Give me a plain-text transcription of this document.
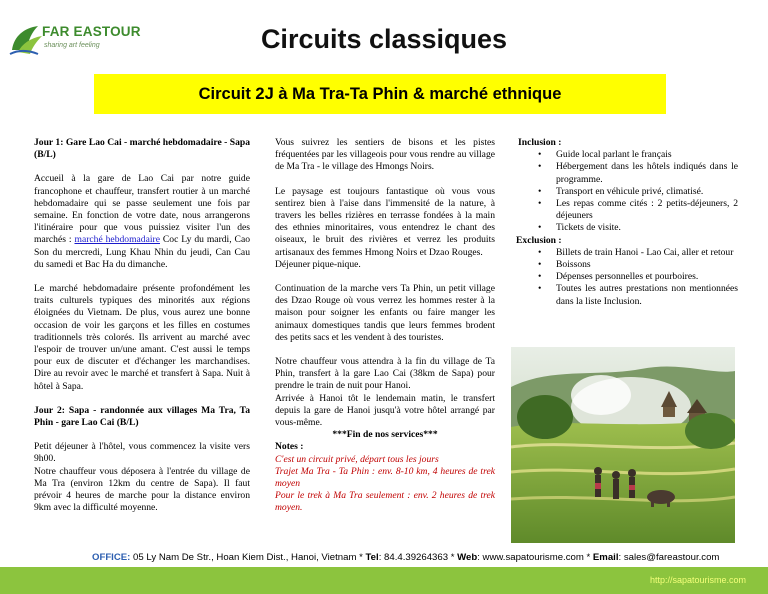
FAR EASTOUR
sharing art feeling	Circuits classiques
Circuit 2J à Ma Tra-Ta Phin & marché ethnique

Jour 1: Gare Lao Cai - marché hebdomadaire - Sapa (B/L)

Accueil à la gare de Lao Cai par notre guide francophone et chauffeur, transfert routier à un marché hebdomadaire qui se passe seulement une fois par semaine. En fonction de votre date, nous arrangerons l'itinéraire pour que vous puissiez visiter l'un des marchés : marché hebdomadaire Coc Ly du mardi, Cao Son du mercredi, Lung Khau Nhin du jeudi, Can Cau du samedi et Bac Ha du dimanche.

Le marché hebdomadaire présente profondément les traits culturels typiques des minorités aux régions éloignées du Vietnam. De plus, vous aurez une bonne occasion de voir les garçons et les filles en costumes traditionnels très colorés. Ils arrivent au marché avec l'espoir de trouver un/une amant. C'est aussi le temps pour eux de discuter et d'échanger les marchandises. Dire au revoir avec le marché et transfert à Sapa. Nuit à hôtel à Sapa.

Jour 2: Sapa - randonnée aux villages Ma Tra, Ta Phin - gare Lao Cai (B/L)

Petit déjeuner à l'hôtel, vous commencez la visite vers 9h00.

Notre chauffeur vous déposera à l'entrée du village de Ma Tra (environ 12km du centre de Sapa). Il faut prévoir 4 heures de marche pour la distance environ 9km avec la difficulté moyenne.

Vous suivrez les sentiers de bisons et les pistes fréquentées par les villageois pour vous rendre au village de Ma Tra - le village des Hmongs Noirs.

Le paysage est toujours fantastique où vous vous sentirez bien à l'aise dans l'immensité de la nature, à travers les belles rizières en terrasse fondées à la main des ethnies minoritaires, vous entendrez le chant des oiseaux, le bruit des rivières et verrez les produits artisanaux des femmes Hmong Noirs et Dzao Rouges.

Déjeuner pique-nique.

Continuation de la marche vers Ta Phin, un petit village des Dzao Rouge où vous verrez les hommes rester à la maison pour soigner les enfants ou faire manger les animaux domestiques tandis que leurs femmes brodent des petits sacs et les vendent à des touristes.

Notre chauffeur vous attendra à la fin du village de Ta Phin, transfert à la gare Lao Cai (38km de Sapa) pour prendre le train de nuit pour Hanoi.

Arrivée à Hanoi tôt le lendemain matin, le transfert depuis la gare de Hanoi jusqu'à votre hôtel arrangé par vous-même.

***Fin de nos services***

Notes :

C'est un circuit privé, départ tous les jours

Trajet Ma Tra - Ta Phin : env. 8-10 km, 4 heures de trek moyen

Pour le trek à Ma Tra seulement : env. 2 heures de trek moyen.

Inclusion :

• Guide local parlant le français
• Hébergement dans les hôtels indiqués dans le programme.
• Transport en véhicule privé, climatisé.
• Les repas comme cités : 2 petits-déjeuners, 2 déjeuners
• Tickets de visite.

Exclusion :

• Billets de train Hanoi - Lao Cai, aller et retour
• Boissons
• Dépenses personnelles et pourboires.
• Toutes les autres prestations non mentionnées dans la liste Inclusion.
OFFICE: 05 Ly Nam De Str., Hoan Kiem Dist., Hanoi, Vietnam * Tel: 84.4.39264363 * Web: www.sapatourisme.com * Email: sales@fareastour.com
http://sapatourisme.com
